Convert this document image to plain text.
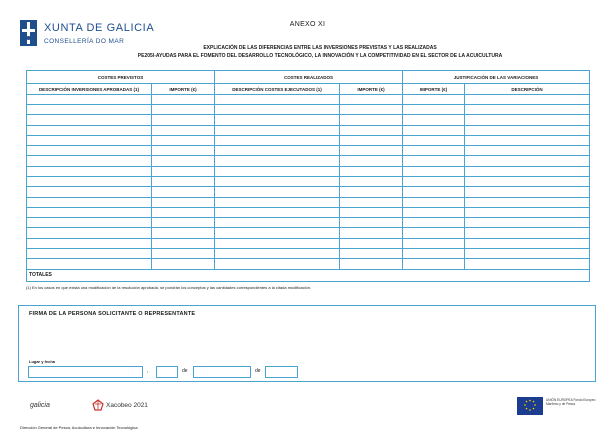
XUNTA DE GALICIA
CONSELLERÍA DO MAR
ANEXO XI
EXPLICACIÓN DE LAS DIFERENCIAS ENTRE LAS INVERSIONES PREVISTAS Y LAS REALIZADAS
PE205I-AYUDAS PARA EL FOMENTO DEL DESARROLLO TECNOLÓGICO, LA INNOVACIÓN Y LA COMPETITIVIDAD EN EL SECTOR DE LA ACUICULTURA
COSTES PREVISTOS		COSTES REALIZADOS		JUSTIFICACIÓN DE LAS VARIACIONES	
DESCRIPCIÓN INVERSIONES APROBADAS (1)	IMPORTE (€)	DESCRIPCIÓN COSTES EJECUTADOS (1)	IMPORTE (€)	IMPORTE (€)	DESCRIPCIÓN

TOTALES					
(1) En los casos en que exista una modificación de la resolución aprobada, se pondrán los conceptos y las cantidades correspondientes a la citada modificación.
FIRMA DE LA PERSONA SOLICITANTE O REPRESENTANTE
Lugar y fecha
,	de	de
galicia	Xacobeo 2021
UNIÓN EUROPEA Fondo Europeo Marítimo y de Pesca
Dirección General de Pesca, Acuicultura e Innovación Tecnológica
